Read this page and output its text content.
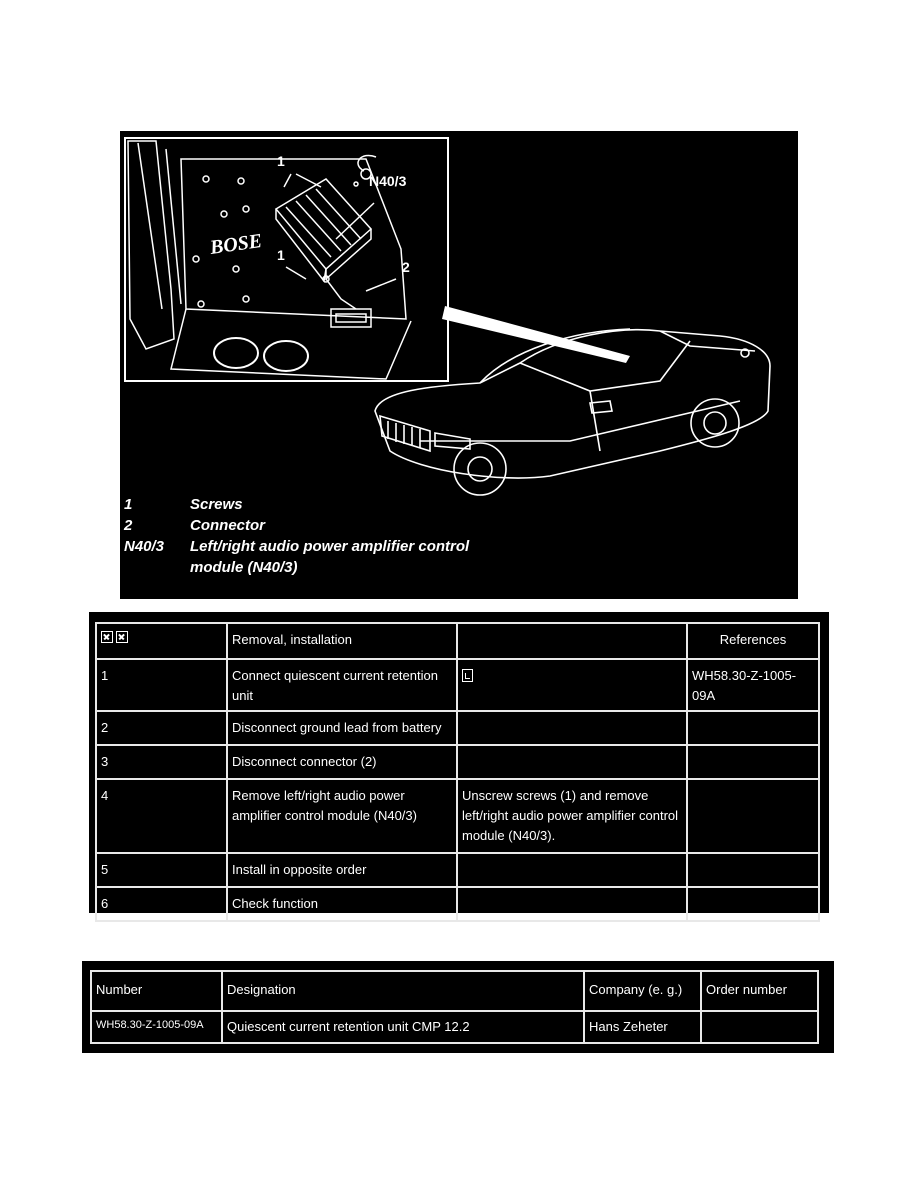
BOSE
1
N40/3
1
2
1	Screws
2	Connector
N40/3	Left/right audio power amplifier control module (N40/3)
	Removal, installation		References
1	Connect quiescent current retention unit		WH58.30-Z-1005-09A
2	Disconnect ground lead from battery		
3	Disconnect connector (2)		
4	Remove left/right audio power amplifier control module (N40/3)	Unscrew screws (1) and remove left/right audio power amplifier control module (N40/3).	
5	Install in opposite order		
6	Check function		
Number	Designation	Company (e. g.)	Order number
WH58.30-Z-1005-09A	Quiescent current retention unit CMP 12.2	Hans Zeheter	
